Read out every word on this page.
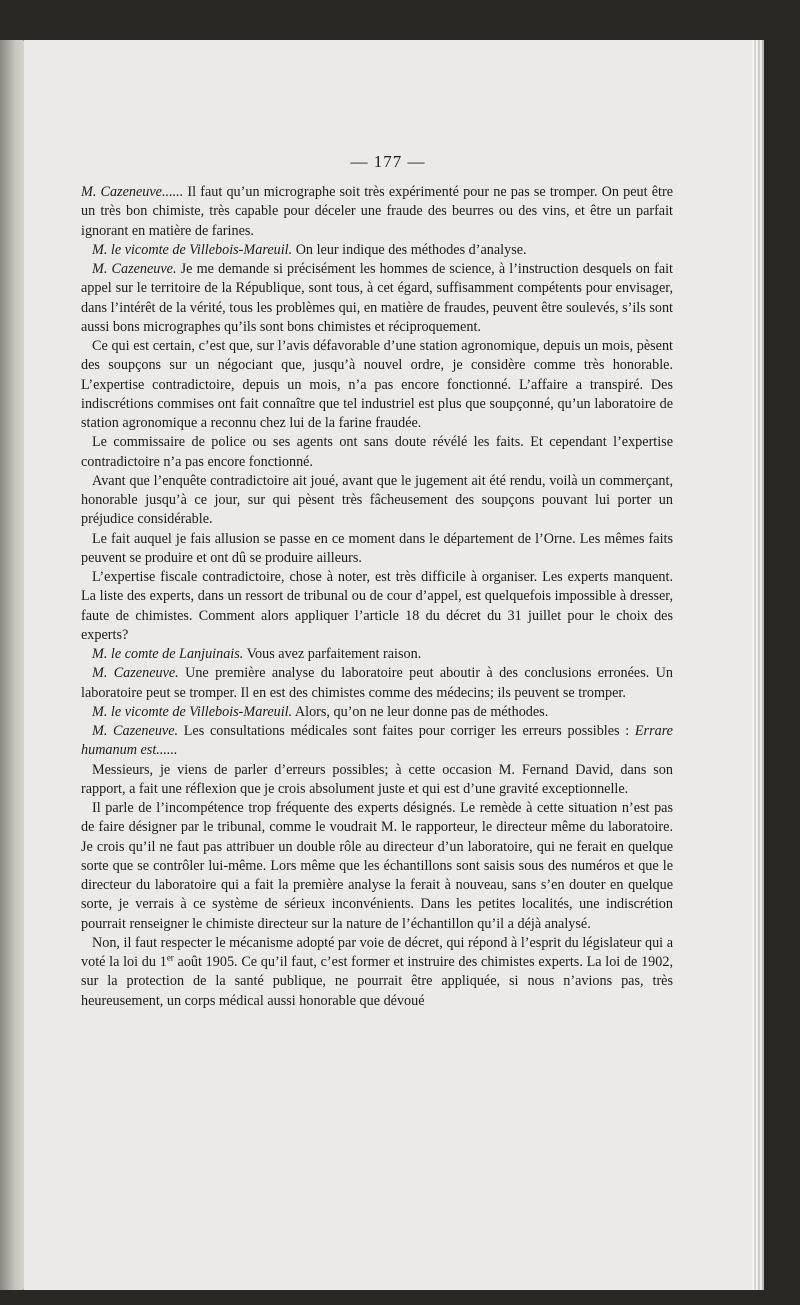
— 177 —

M. Cazeneuve...... Il faut qu’un micrographe soit très expérimenté pour ne pas se tromper. On peut être un très bon chimiste, très capable pour déceler une fraude des beurres ou des vins, et être un parfait ignorant en matière de farines.

M. le vicomte de Villebois-Mareuil. On leur indique des méthodes d’analyse.

M. Cazeneuve. Je me demande si précisément les hommes de science, à l’instruction desquels on fait appel sur le territoire de la République, sont tous, à cet égard, suffisamment compétents pour envisager, dans l’intérêt de la vérité, tous les problèmes qui, en matière de fraudes, peuvent être soulevés, s’ils sont aussi bons micrographes qu’ils sont bons chimistes et réciproquement.

Ce qui est certain, c’est que, sur l’avis défavorable d’une station agronomique, depuis un mois, pèsent des soupçons sur un négociant que, jusqu’à nouvel ordre, je considère comme très honorable. L’expertise contradictoire, depuis un mois, n’a pas encore fonctionné. L’affaire a transpiré. Des indiscrétions commises ont fait connaître que tel industriel est plus que soupçonné, qu’un laboratoire de station agronomique a reconnu chez lui de la farine fraudée.

Le commissaire de police ou ses agents ont sans doute révélé les faits. Et cependant l’expertise contradictoire n’a pas encore fonctionné.

Avant que l’enquête contradictoire ait joué, avant que le jugement ait été rendu, voilà un commerçant, honorable jusqu’à ce jour, sur qui pèsent très fâcheusement des soupçons pouvant lui porter un préjudice considérable.

Le fait auquel je fais allusion se passe en ce moment dans le département de l’Orne. Les mêmes faits peuvent se produire et ont dû se produire ailleurs.

L’expertise fiscale contradictoire, chose à noter, est très difficile à organiser. Les experts manquent. La liste des experts, dans un ressort de tribunal ou de cour d’appel, est quelquefois impossible à dresser, faute de chimistes. Comment alors appliquer l’article 18 du décret du 31 juillet pour le choix des experts?

M. le comte de Lanjuinais. Vous avez parfaitement raison.

M. Cazeneuve. Une première analyse du laboratoire peut aboutir à des conclusions erronées. Un laboratoire peut se tromper. Il en est des chimistes comme des médecins; ils peuvent se tromper.

M. le vicomte de Villebois-Mareuil. Alors, qu’on ne leur donne pas de méthodes.

M. Cazeneuve. Les consultations médicales sont faites pour corriger les erreurs possibles : Errare humanum est......

Messieurs, je viens de parler d’erreurs possibles; à cette occasion M. Fernand David, dans son rapport, a fait une réflexion que je crois absolument juste et qui est d’une gravité exceptionnelle.

Il parle de l’incompétence trop fréquente des experts désignés. Le remède à cette situation n’est pas de faire désigner par le tribunal, comme le voudrait M. le rapporteur, le directeur même du laboratoire. Je crois qu’il ne faut pas attribuer un double rôle au directeur d’un laboratoire, qui ne ferait en quelque sorte que se contrôler lui-même. Lors même que les échantillons sont saisis sous des numéros et que le directeur du laboratoire qui a fait la première analyse la ferait à nouveau, sans s’en douter en quelque sorte, je verrais à ce système de sérieux inconvénients. Dans les petites localités, une indiscrétion pourrait renseigner le chimiste directeur sur la nature de l’échantillon qu’il a déjà analysé.

Non, il faut respecter le mécanisme adopté par voie de décret, qui répond à l’esprit du législateur qui a voté la loi du 1er août 1905. Ce qu’il faut, c’est former et instruire des chimistes experts. La loi de 1902, sur la protection de la santé publique, ne pourrait être appliquée, si nous n’avions pas, très heureusement, un corps médical aussi honorable que dévoué
